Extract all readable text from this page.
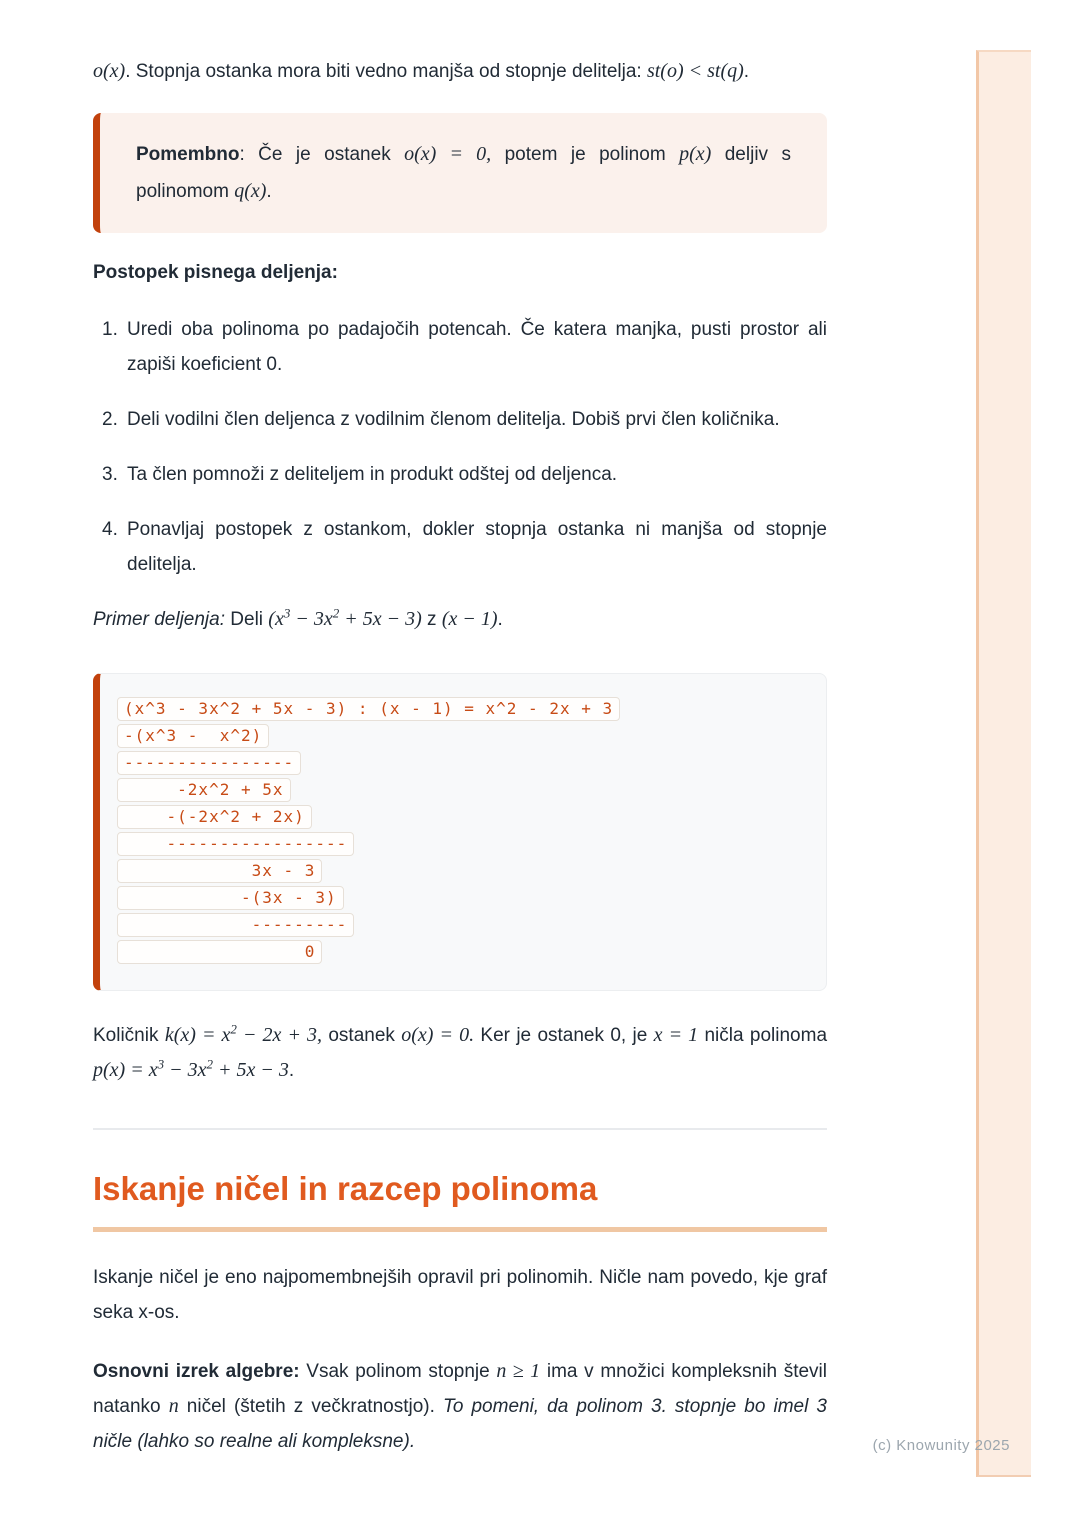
o(x). Stopnja ostanka mora biti vedno manjša od stopnje delitelja: st(o) < st(q).

Pomembno: Če je ostanek o(x) = 0, potem je polinom p(x) deljiv s polinomom q(x).

Postopek pisnega deljenja:

1. Uredi oba polinoma po padajočih potencah. Če katera manjka, pusti prostor ali zapiši koeficient 0.
2. Deli vodilni člen deljenca z vodilnim členom delitelja. Dobiš prvi člen količnika.
3. Ta člen pomnoži z deliteljem in produkt odštej od deljenca.
4. Ponavljaj postopek z ostankom, dokler stopnja ostanka ni manjša od stopnje delitelja.

Primer deljenja: Deli $(x^3 - 3x^2 + 5x - 3)$ z (x − 1).

(x^3 - 3x^2 + 5x - 3) : (x - 1) = x^2 - 2x + 3
-(x^3 -  x^2)
----------------
-2x^2 + 5x
-(-2x^2 + 2x)
-----------------
3x - 3
-(3x - 3)
---------
0

Količnik $k(x) = x^2 - 2x + 3$, ostanek o(x) = 0. Ker je ostanek 0, je x = 1 ničla polinoma $p(x) = x^3 - 3x^2 + 5x - 3$.

Iskanje ničel in razcep polinoma

Iskanje ničel je eno najpomembnejših opravil pri polinomih. Ničle nam povedo, kje graf seka x-os.

Osnovni izrek algebre: Vsak polinom stopnje n ≥ 1 ima v množici kompleksnih števil natanko n ničel (štetih z večkratnostjo). To pomeni, da polinom 3. stopnje bo imel 3 ničle (lahko so realne ali kompleksne).	(c) Knowunity 2025
